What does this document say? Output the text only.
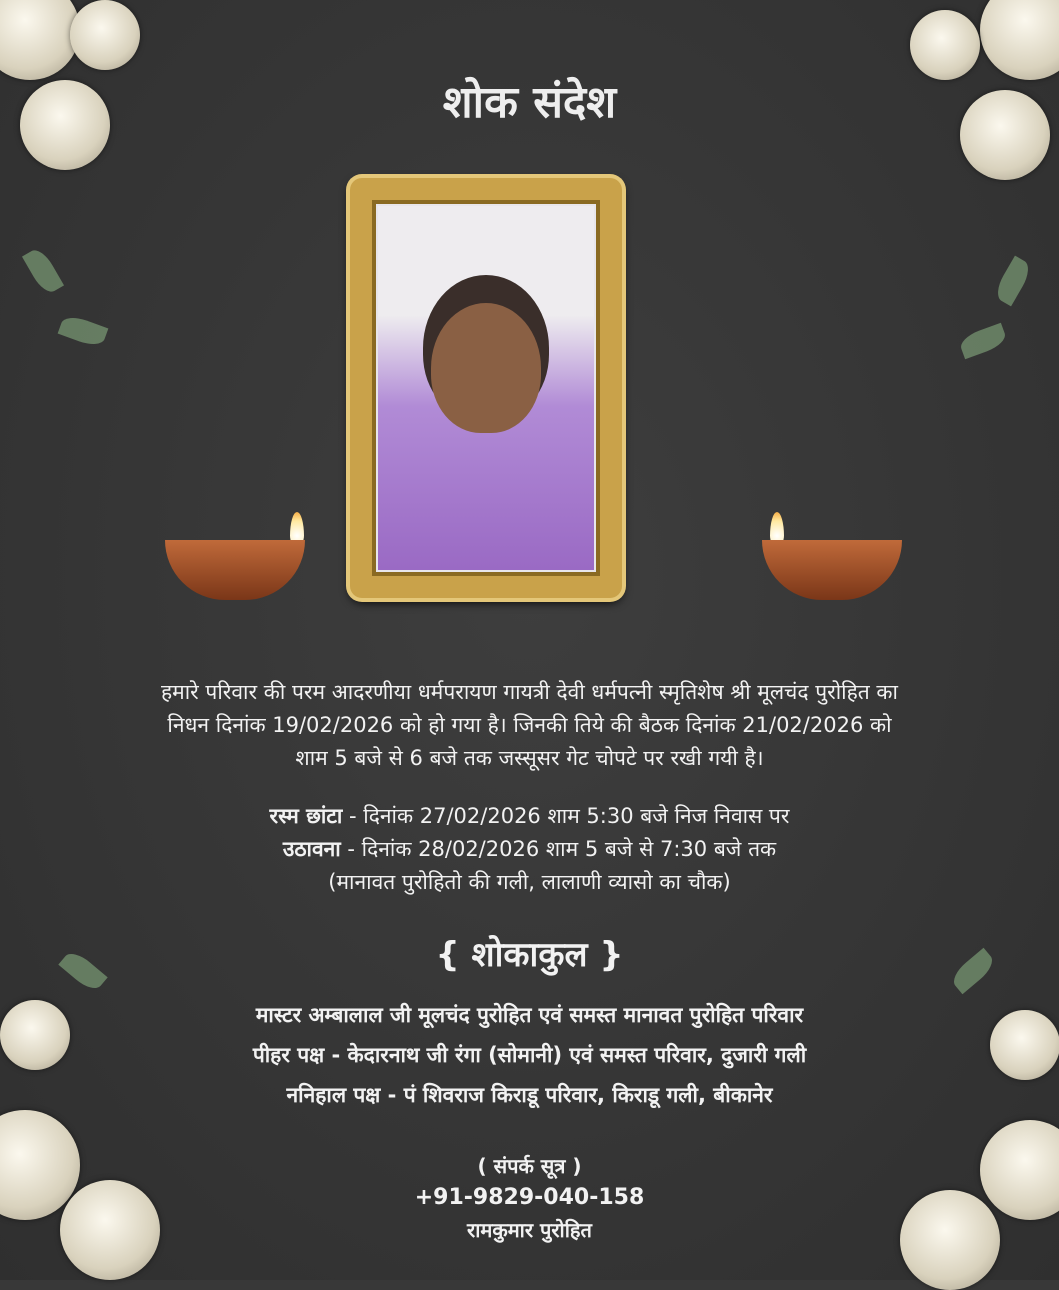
शोक संदेश
हमारे परिवार की परम आदरणीया धर्मपरायण गायत्री देवी धर्मपत्नी स्मृतिशेष श्री मूलचंद पुरोहित का
निधन दिनांक 19/02/2026 को हो गया है। जिनकी तिये की बैठक दिनांक 21/02/2026 को
शाम 5 बजे से 6 बजे तक जस्सूसर गेट चोपटे पर रखी गयी है।
रस्म छांटा - दिनांक 27/02/2026 शाम 5:30 बजे निज निवास पर
उठावना - दिनांक 28/02/2026 शाम 5 बजे से 7:30 बजे तक
(मानावत पुरोहितो की गली, लालाणी व्यासो का चौक)
{ शोकाकुल }
मास्टर अम्बालाल जी मूलचंद पुरोहित एवं समस्त मानावत पुरोहित परिवार
पीहर पक्ष - केदारनाथ जी रंगा (सोमानी) एवं समस्त परिवार, दुजारी गली
ननिहाल पक्ष - पं शिवराज किराडू परिवार, किराडू गली, बीकानेर
( संपर्क सूत्र )
+91-9829-040-158
रामकुमार पुरोहित
